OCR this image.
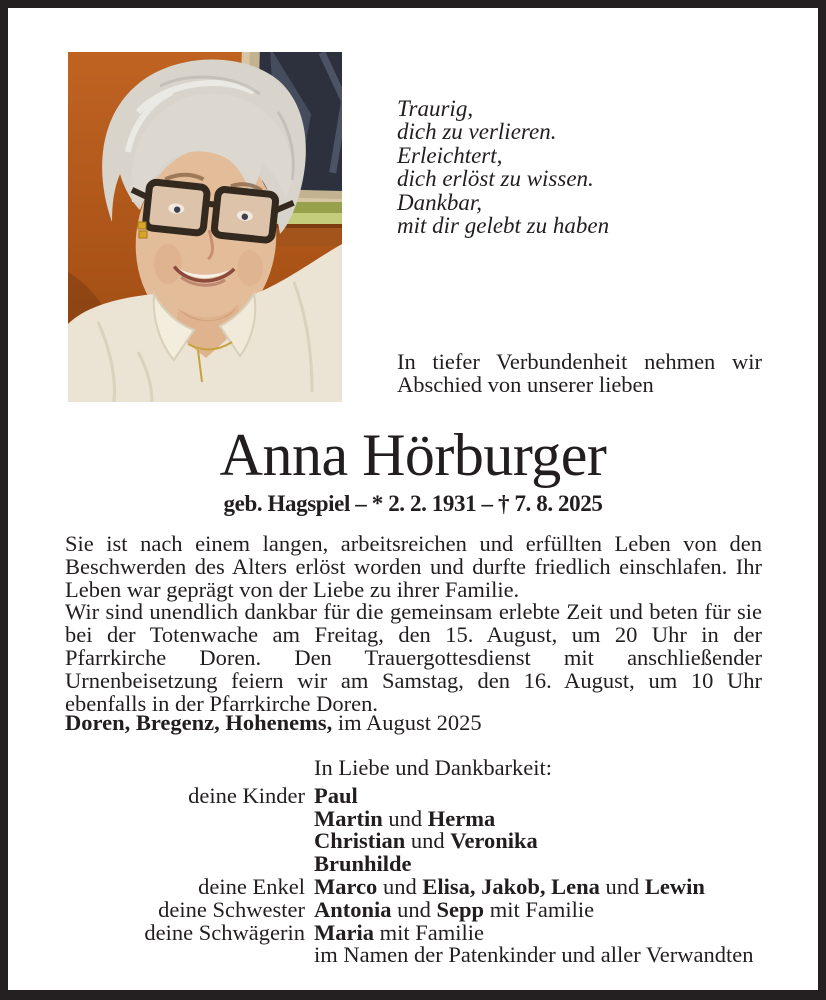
Traurig,
dich zu verlieren.
Erleichtert,
dich erlöst zu wissen.
Dankbar,
mit dir gelebt zu haben
In tiefer Verbundenheit nehmen wir Abschied von unserer lieben
Anna Hörburger
geb. Hagspiel – * 2. 2. 1931 – † 7. 8. 2025

Sie ist nach einem langen, arbeitsreichen und erfüllten Leben von den Beschwerden des Alters erlöst worden und durfte friedlich einschlafen. Ihr Leben war geprägt von der Liebe zu ihrer Familie.

Wir sind unendlich dankbar für die gemeinsam erlebte Zeit und beten für sie bei der Totenwache am Freitag, den 15. August, um 20 Uhr in der Pfarrkirche Doren. Den Trauergottesdienst mit anschließender Urnenbeisetzung feiern wir am Samstag, den 16. August, um 10 Uhr ebenfalls in der Pfarrkirche Doren.

Doren, Bregenz, Hohenems, im August 2025
In Liebe und Dankbarkeit:
deine Kinder Paul
Martin und Herma
Christian und Veronika
Brunhilde
deine Enkel Marco und Elisa, Jakob, Lena und Lewin
deine Schwester Antonia und Sepp mit Familie
deine Schwägerin Maria mit Familie
im Namen der Patenkinder und aller Verwandten
